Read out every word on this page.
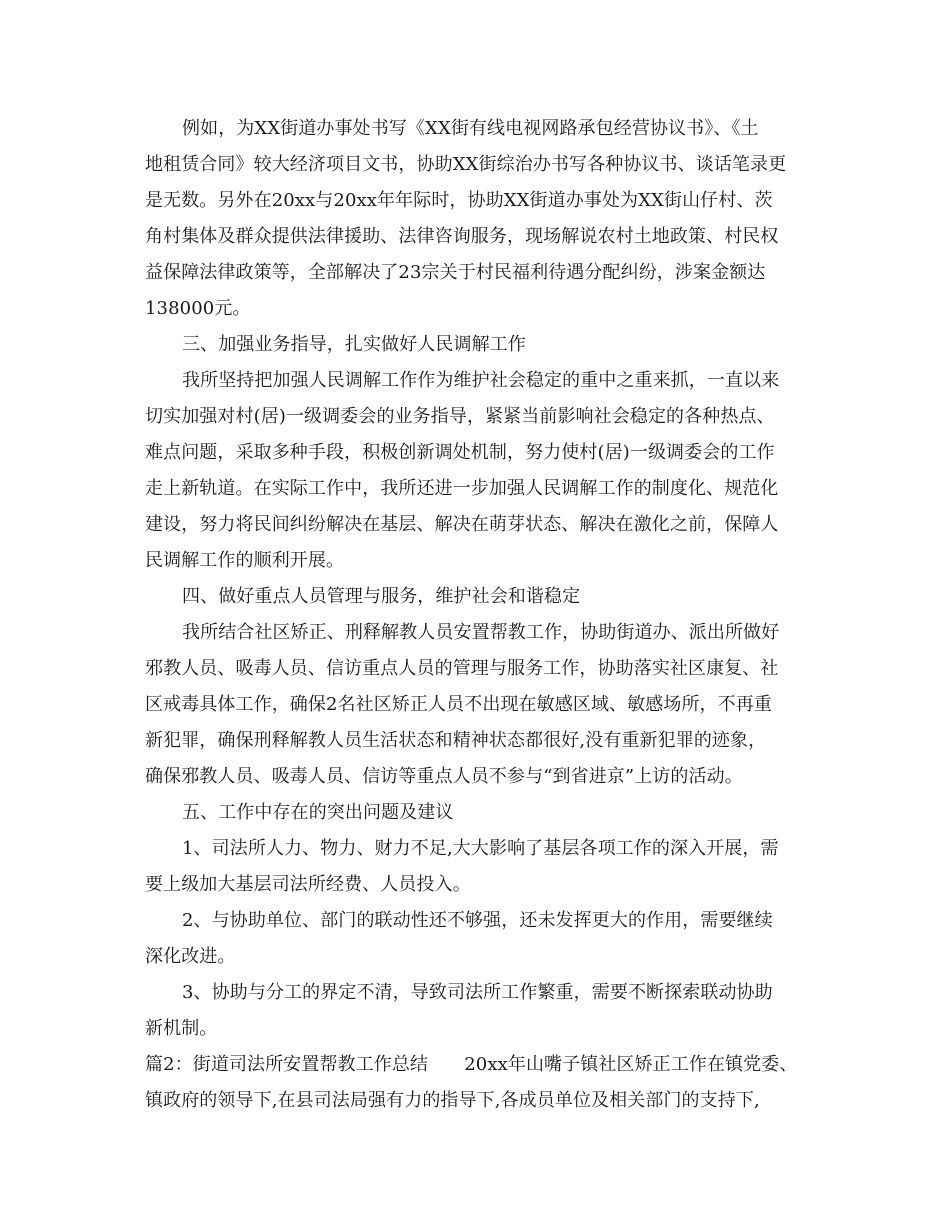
例如，为XX街道办事处书写《XX街有线电视网路承包经营协议书》、《土
地租赁合同》较大经济项目文书，协助XX街综治办书写各种协议书、谈话笔录更
是无数。另外在20xx与20xx年年际时，协助XX街道办事处为XX街山仔村、茨
角村集体及群众提供法律援助、法律咨询服务，现场解说农村土地政策、村民权
益保障法律政策等，全部解决了23宗关于村民福利待遇分配纠纷，涉案金额达
138000元。
三、加强业务指导，扎实做好人民调解工作
我所坚持把加强人民调解工作作为维护社会稳定的重中之重来抓，一直以来
切实加强对村(居)一级调委会的业务指导，紧紧当前影响社会稳定的各种热点、
难点问题，采取多种手段，积极创新调处机制，努力使村(居)一级调委会的工作
走上新轨道。在实际工作中，我所还进一步加强人民调解工作的制度化、规范化
建设，努力将民间纠纷解决在基层、解决在萌芽状态、解决在激化之前，保障人
民调解工作的顺利开展。
四、做好重点人员管理与服务，维护社会和谐稳定
我所结合社区矫正、刑释解教人员安置帮教工作，协助街道办、派出所做好
邪教人员、吸毒人员、信访重点人员的管理与服务工作，协助落实社区康复、社
区戒毒具体工作，确保2名社区矫正人员不出现在敏感区域、敏感场所，不再重
新犯罪，确保刑释解教人员生活状态和精神状态都很好,没有重新犯罪的迹象，
确保邪教人员、吸毒人员、信访等重点人员不参与“到省进京”上访的活动。
五、工作中存在的突出问题及建议
1、司法所人力、物力、财力不足,大大影响了基层各项工作的深入开展，需
要上级加大基层司法所经费、人员投入。
2、与协助单位、部门的联动性还不够强，还未发挥更大的作用，需要继续
深化改进。
3、协助与分工的界定不清，导致司法所工作繁重，需要不断探索联动协助
新机制。
篇2：街道司法所安置帮教工作总结　　20xx年山嘴子镇社区矫正工作在镇党委、
镇政府的领导下,在县司法局强有力的指导下,各成员单位及相关部门的支持下,
